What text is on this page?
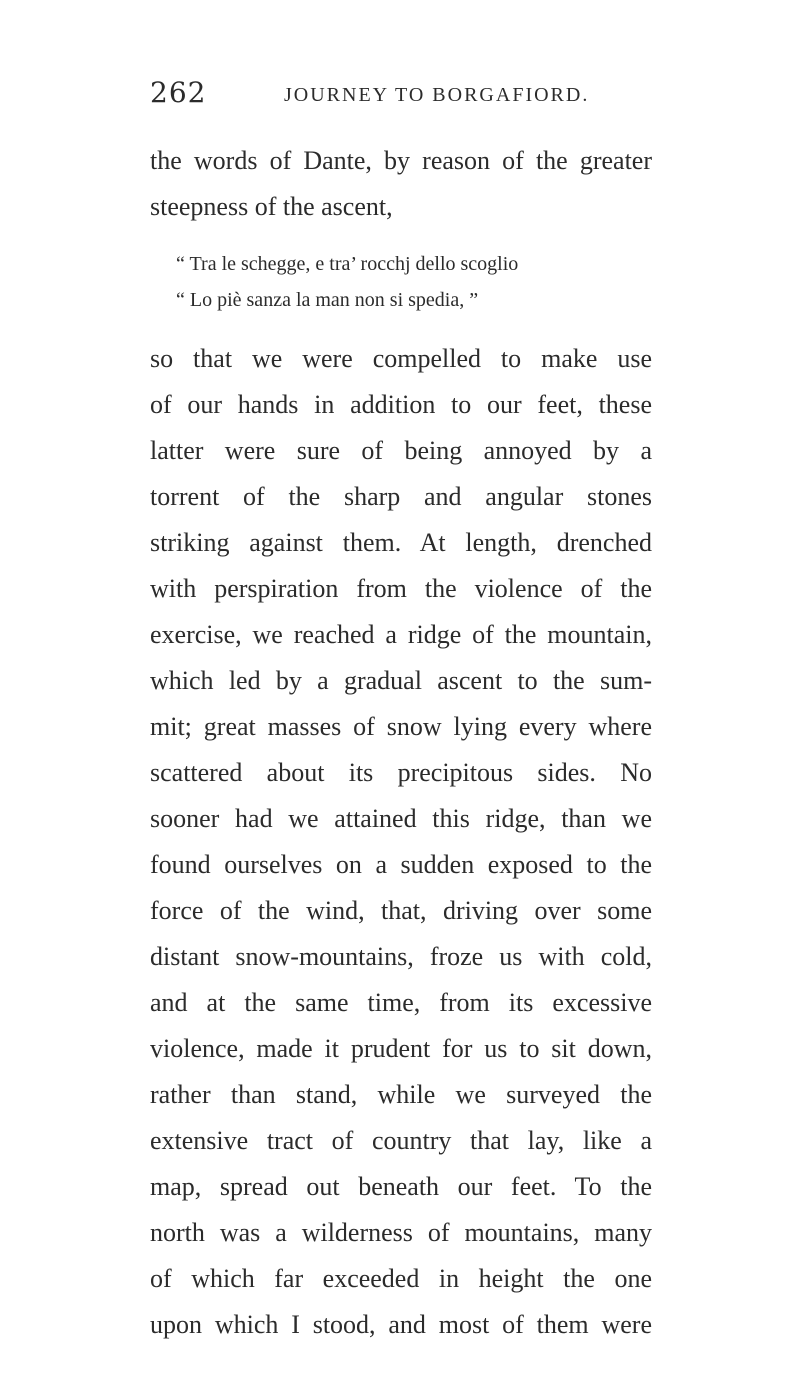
262	JOURNEY TO BORGAFIORD.
the words of Dante, by reason of the greater
steepness of the ascent,
“ Tra le schegge, e tra’ rocchj dello scoglio
“ Lo piè sanza la man non si spedia, ”
so that we were compelled to make use
of our hands in addition to our feet, these
latter were sure of being annoyed by a
torrent of the sharp and angular stones
striking against them. At length, drenched
with perspiration from the violence of the
exercise, we reached a ridge of the mountain,
which led by a gradual ascent to the sum-
mit; great masses of snow lying every where
scattered about its precipitous sides. No
sooner had we attained this ridge, than we
found ourselves on a sudden exposed to the
force of the wind, that, driving over some
distant snow-mountains, froze us with cold,
and at the same time, from its excessive
violence, made it prudent for us to sit down,
rather than stand, while we surveyed the
extensive tract of country that lay, like a
map, spread out beneath our feet. To the
north was a wilderness of mountains, many
of which far exceeded in height the one
upon which I stood, and most of them were
